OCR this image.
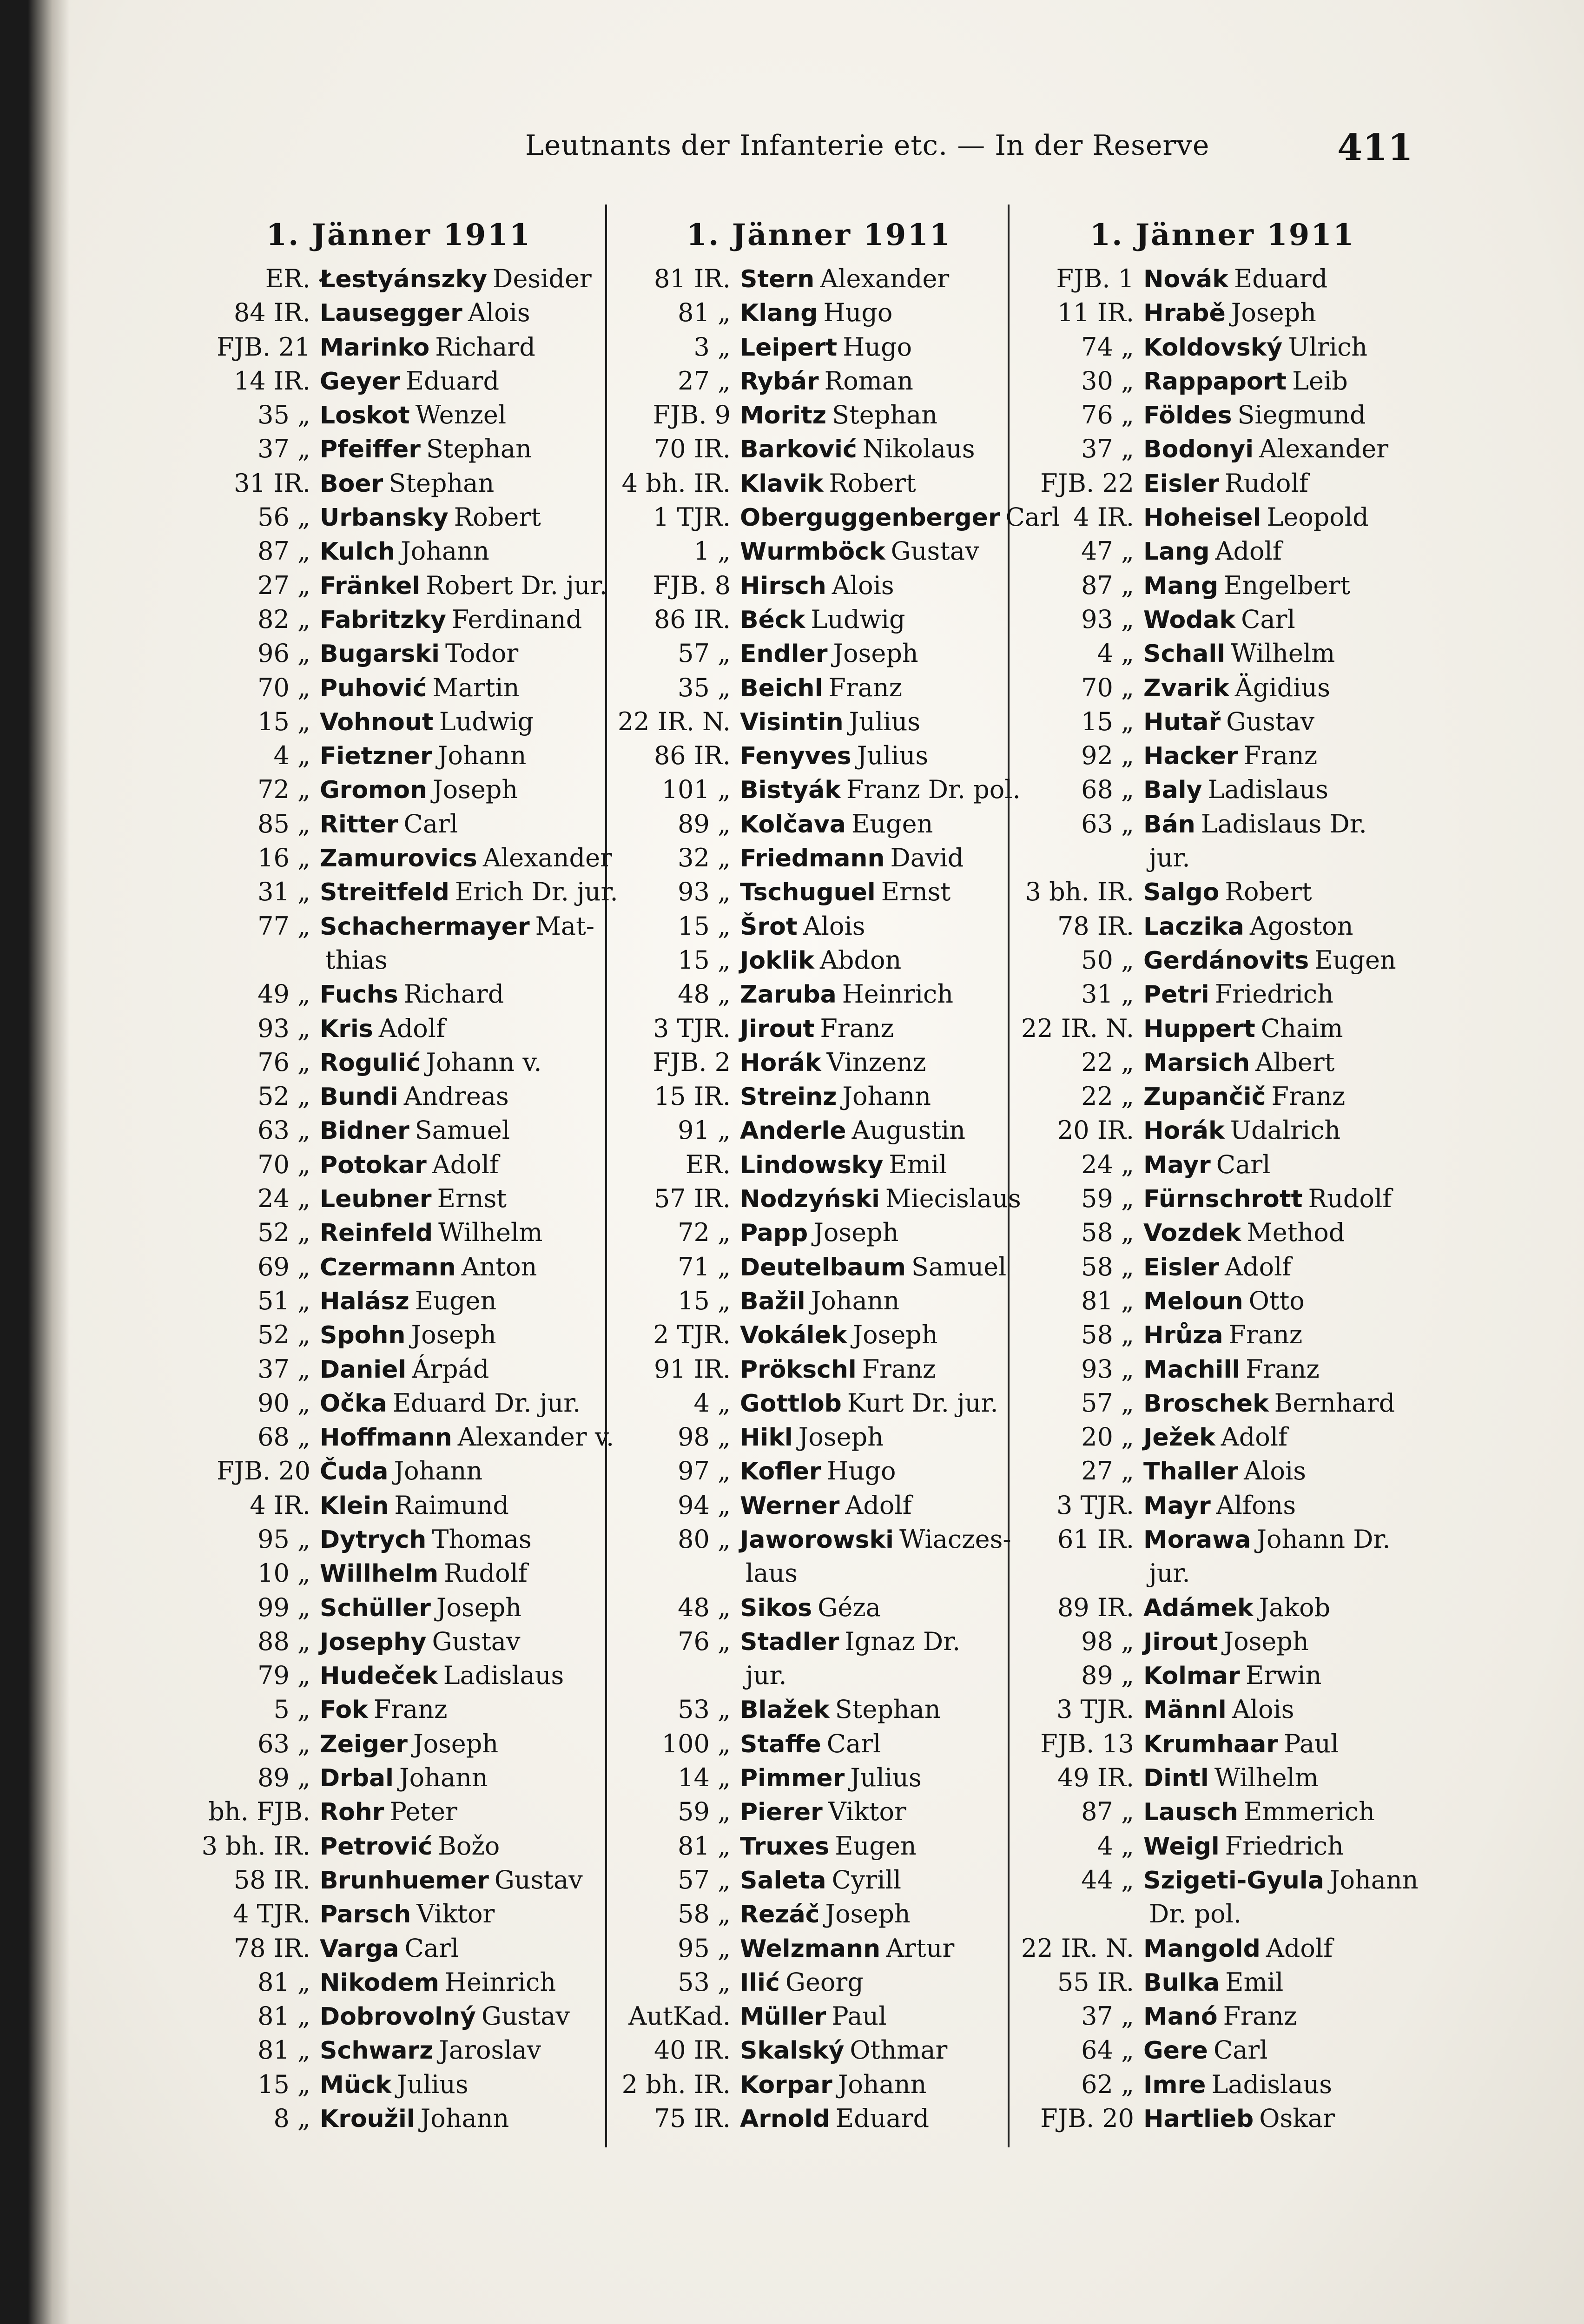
Leutnants der Infanterie etc. — In der Reserve	411
1. Jänner 1911
ER. Łestyánszky Desider
84 IR. Lausegger Alois
FJB. 21 Marinko Richard
14 IR. Geyer Eduard
35 „ Loskot Wenzel
37 „ Pfeiffer Stephan
31 IR. Boer Stephan
56 „ Urbansky Robert
87 „ Kulch Johann
27 „ Fränkel Robert Dr. jur.
82 „ Fabritzky Ferdinand
96 „ Bugarski Todor
70 „ Puhović Martin
15 „ Vohnout Ludwig
4 „ Fietzner Johann
72 „ Gromon Joseph
85 „ Ritter Carl
16 „ Zamurovics Alexander
31 „ Streitfeld Erich Dr. jur.
77 „ Schachermayer Mat-
thias
49 „ Fuchs Richard
93 „ Kris Adolf
76 „ Rogulić Johann v.
52 „ Bundi Andreas
63 „ Bidner Samuel
70 „ Potokar Adolf
24 „ Leubner Ernst
52 „ Reinfeld Wilhelm
69 „ Czermann Anton
51 „ Halász Eugen
52 „ Spohn Joseph
37 „ Daniel Árpád
90 „ Očka Eduard Dr. jur.
68 „ Hoffmann Alexander v.
FJB. 20 Čuda Johann
4 IR. Klein Raimund
95 „ Dytrych Thomas
10 „ Willhelm Rudolf
99 „ Schüller Joseph
88 „ Josephy Gustav
79 „ Hudeček Ladislaus
5 „ Fok Franz
63 „ Zeiger Joseph
89 „ Drbal Johann
bh. FJB. Rohr Peter
3 bh. IR. Petrović Božo
58 IR. Brunhuemer Gustav
4 TJR. Parsch Viktor
78 IR. Varga Carl
81 „ Nikodem Heinrich
81 „ Dobrovolný Gustav
81 „ Schwarz Jaroslav
15 „ Mück Julius
8 „ Kroužil Johann
1. Jänner 1911
81 IR. Stern Alexander
81 „ Klang Hugo
3 „ Leipert Hugo
27 „ Rybár Roman
FJB. 9 Moritz Stephan
70 IR. Barković Nikolaus
4 bh. IR. Klavik Robert
1 TJR. Oberguggenberger Carl
1 „ Wurmböck Gustav
FJB. 8 Hirsch Alois
86 IR. Béck Ludwig
57 „ Endler Joseph
35 „ Beichl Franz
22 IR. N. Visintin Julius
86 IR. Fenyves Julius
101 „ Bistyák Franz Dr. pol.
89 „ Kolčava Eugen
32 „ Friedmann David
93 „ Tschuguel Ernst
15 „ Šrot Alois
15 „ Joklik Abdon
48 „ Zaruba Heinrich
3 TJR. Jirout Franz
FJB. 2 Horák Vinzenz
15 IR. Streinz Johann
91 „ Anderle Augustin
ER. Lindowsky Emil
57 IR. Nodzyński Miecislaus
72 „ Papp Joseph
71 „ Deutelbaum Samuel
15 „ Bažil Johann
2 TJR. Vokálek Joseph
91 IR. Prökschl Franz
4 „ Gottlob Kurt Dr. jur.
98 „ Hikl Joseph
97 „ Kofler Hugo
94 „ Werner Adolf
80 „ Jaworowski Wiaczes-
laus
48 „ Sikos Géza
76 „ Stadler Ignaz Dr.
jur.
53 „ Blažek Stephan
100 „ Staffe Carl
14 „ Pimmer Julius
59 „ Pierer Viktor
81 „ Truxes Eugen
57 „ Saleta Cyrill
58 „ Rezáč Joseph
95 „ Welzmann Artur
53 „ Ilić Georg
AutKad. Müller Paul
40 IR. Skalský Othmar
2 bh. IR. Korpar Johann
75 IR. Arnold Eduard
1. Jänner 1911
FJB. 1 Novák Eduard
11 IR. Hrabě Joseph
74 „ Koldovský Ulrich
30 „ Rappaport Leib
76 „ Földes Siegmund
37 „ Bodonyi Alexander
FJB. 22 Eisler Rudolf
4 IR. Hoheisel Leopold
47 „ Lang Adolf
87 „ Mang Engelbert
93 „ Wodak Carl
4 „ Schall Wilhelm
70 „ Zvarik Ägidius
15 „ Hutař Gustav
92 „ Hacker Franz
68 „ Baly Ladislaus
63 „ Bán Ladislaus Dr.
jur.
3 bh. IR. Salgo Robert
78 IR. Laczika Agoston
50 „ Gerdánovits Eugen
31 „ Petri Friedrich
22 IR. N. Huppert Chaim
22 „ Marsich Albert
22 „ Zupančič Franz
20 IR. Horák Udalrich
24 „ Mayr Carl
59 „ Fürnschrott Rudolf
58 „ Vozdek Method
58 „ Eisler Adolf
81 „ Meloun Otto
58 „ Hrůza Franz
93 „ Machill Franz
57 „ Broschek Bernhard
20 „ Ježek Adolf
27 „ Thaller Alois
3 TJR. Mayr Alfons
61 IR. Morawa Johann Dr.
jur.
89 IR. Adámek Jakob
98 „ Jirout Joseph
89 „ Kolmar Erwin
3 TJR. Männl Alois
FJB. 13 Krumhaar Paul
49 IR. Dintl Wilhelm
87 „ Lausch Emmerich
4 „ Weigl Friedrich
44 „ Szigeti-Gyula Johann
Dr. pol.
22 IR. N. Mangold Adolf
55 IR. Bulka Emil
37 „ Manó Franz
64 „ Gere Carl
62 „ Imre Ladislaus
FJB. 20 Hartlieb Oskar
